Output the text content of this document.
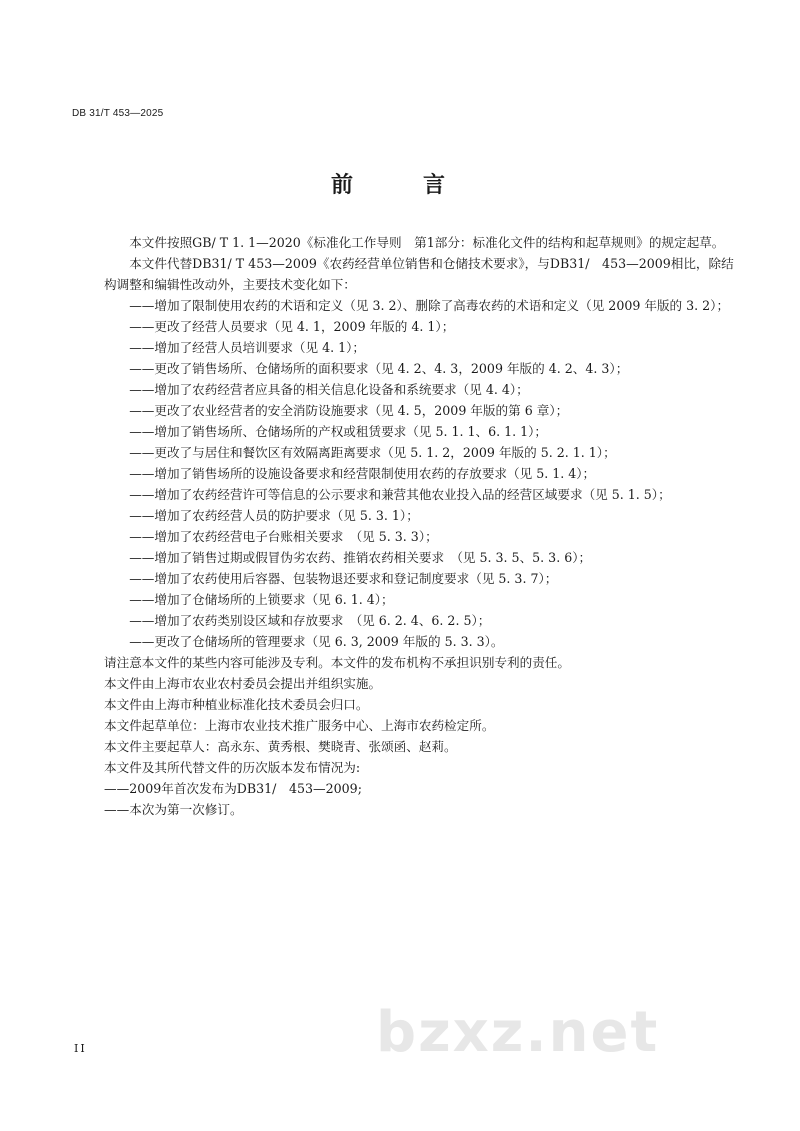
DB 31/T 453—2025
前　言

本文件按照GB/ T 1. 1—2020《标准化工作导则　第1部分：标准化文件的结构和起草规则》的规定起草。

本文件代替DB31/ T 453—2009《农药经营单位销售和仓储技术要求》，与DB31/　453—2009相比，除结构调整和编辑性改动外，主要技术变化如下：

——增加了限制使用农药的术语和定义（见 3. 2）、删除了高毒农药的术语和定义（见 2009 年版的 3. 2）；

——更改了经营人员要求（见 4. 1，2009 年版的 4. 1）；

——增加了经营人员培训要求（见 4. 1）；

——更改了销售场所、仓储场所的面积要求（见 4. 2、4. 3，2009 年版的 4. 2、4. 3）；

——增加了农药经营者应具备的相关信息化设备和系统要求（见 4. 4）；

——更改了农业经营者的安全消防设施要求（见 4. 5，2009 年版的第 6 章）；

——增加了销售场所、仓储场所的产权或租赁要求（见 5. 1. 1、6. 1. 1）；

——更改了与居住和餐饮区有效隔离距离要求（见 5. 1. 2，2009 年版的 5. 2. 1. 1）；

——增加了销售场所的设施设备要求和经营限制使用农药的存放要求（见 5. 1. 4）；

——增加了农药经营许可等信息的公示要求和兼营其他农业投入品的经营区域要求（见 5. 1. 5）；

——增加了农药经营人员的防护要求（见 5. 3. 1）；

——增加了农药经营电子台账相关要求　（见 5. 3. 3）；

——增加了销售过期或假冒伪劣农药、推销农药相关要求　（见 5. 3. 5、5. 3. 6）；

——增加了农药使用后容器、包装物退还要求和登记制度要求（见 5. 3. 7）；

——增加了仓储场所的上锁要求（见 6. 1. 4）；

——增加了农药类别设区域和存放要求　（见 6. 2. 4、6. 2. 5）；

——更改了仓储场所的管理要求（见 6. 3, 2009 年版的 5. 3. 3）。

请注意本文件的某些内容可能涉及专利。本文件的发布机构不承担识别专利的责任。

本文件由上海市农业农村委员会提出并组织实施。

本文件由上海市种植业标准化技术委员会归口。

本文件起草单位：上海市农业技术推广服务中心、上海市农药检定所。

本文件主要起草人：高永东、黄秀根、樊晓青、张颂函、赵莉。

本文件及其所代替文件的历次版本发布情况为:

——2009年首次发布为DB31/　453—2009;

——本次为第一次修订。

bzxz.net
II
